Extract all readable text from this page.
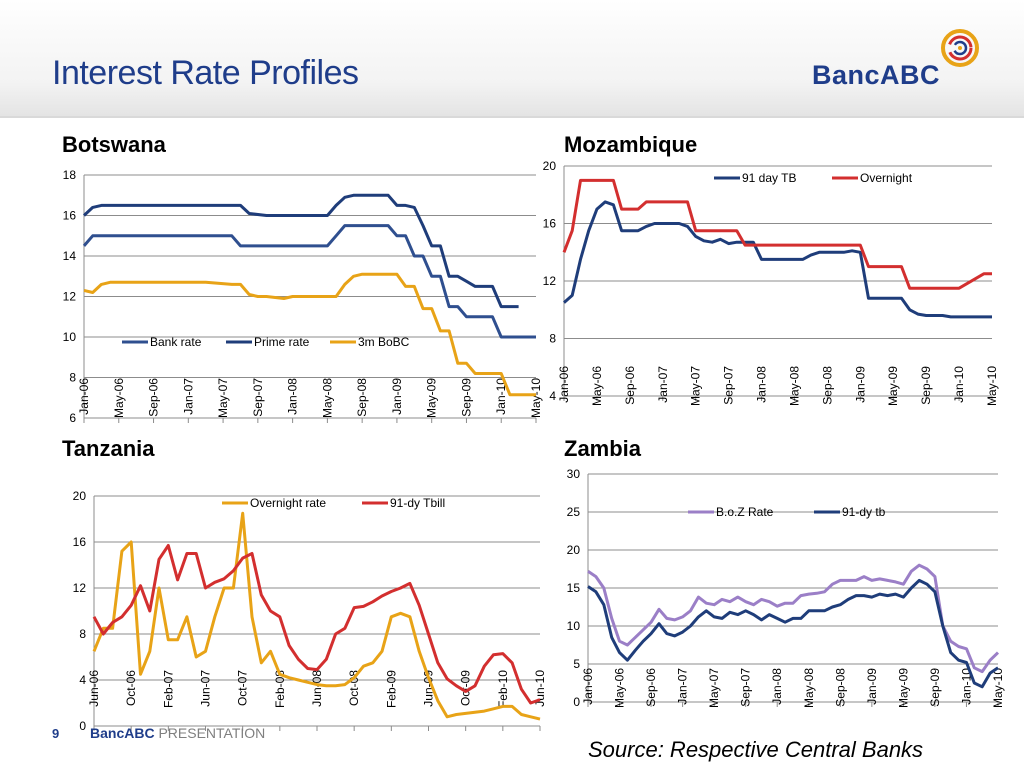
Interest Rate Profiles	BancABC
Botswana
6
8
10
12
14
16
18
Jan-06 May-06 Sep-06 Jan-07 May-07 Sep-07 Jan-08 May-08 Sep-08 Jan-09 May-09 Sep-09 Jan-10 May-10
Bank rate	Prime rate	3m BoBC
Mozambique
4
8
12
16
20
Jan-06 May-06 Sep-06 Jan-07 May-07 Sep-07 Jan-08 May-08 Sep-08 Jan-09 May-09 Sep-09 Jan-10 May-10
91 day TB	Overnight
Tanzania
0
4
8
12
16
20
Jun-06 Oct-06 Feb-07 Jun-07 Oct-07 Feb-08 Jun-08 Oct-08 Feb-09 Jun-09 Oct-09 Feb-10 Jun-10
Overnight rate	91-dy Tbill
Zambia
0
5
10
15
20
25
30
Jan-06 May-06 Sep-06 Jan-07 May-07 Sep-07 Jan-08 May-08 Sep-08 Jan-09 May-09 Sep-09 Jan-10 May-10
B.o.Z Rate	91-dy tb
9 BancABC PRESENTATION
Source: Respective Central Banks
